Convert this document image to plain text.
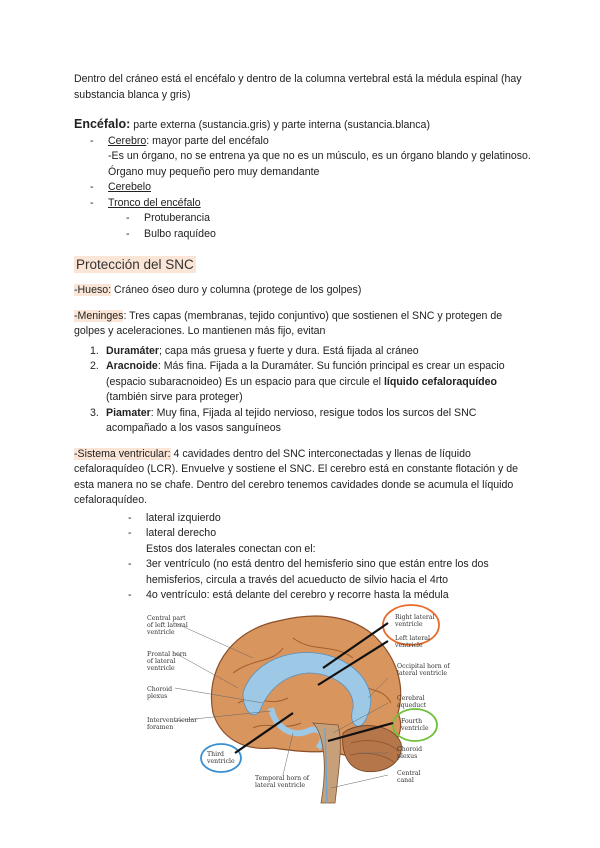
Dentro del cráneo está el encéfalo y dentro de la columna vertebral está la médula espinal (hay substancia blanca y gris)

Encéfalo: parte externa (sustancia.gris) y parte interna (sustancia.blanca)

- Cerebro: mayor parte del encéfalo
-Es un órgano, no se entrena ya que no es un músculo, es un órgano blando y gelatinoso. Órgano muy pequeño pero muy demandante
- Cerebelo
- Tronco del encéfalo
- Protuberancia
- Bulbo raquídeo
Protección del SNC

-Hueso: Cráneo óseo duro y columna (protege de los golpes)

-Meninges: Tres capas (membranas, tejido conjuntivo) que sostienen el SNC y protegen de golpes y aceleraciones. Lo mantienen más fijo, evitan

1. Duramáter; capa más gruesa y fuerte y dura. Está fijada al cráneo
2. Aracnoide: Más fina. Fijada a la Duramáter. Su función principal es crear un espacio (espacio subaracnoideo) Es un espacio para que circule el líquido cefaloraquídeo (también sirve para proteger)
3. Piamater: Muy fina, Fijada al tejido nervioso, resigue todos los surcos del SNC acompañado a los vasos sanguíneos

-Sistema ventricular: 4 cavidades dentro del SNC interconectadas y llenas de líquido cefaloraquídeo (LCR). Envuelve y sostiene el SNC. El cerebro está en constante flotación y de esta manera no se chafe. Dentro del cerebro tenemos cavidades donde se acumula el líquido cefaloraquídeo.

- lateral izquierdo
- lateral derecho
Estos dos laterales conectan con el:
- 3er ventrículo (no está dentro del hemisferio sino que están entre los dos hemisferios, circula a través del acueducto de silvio hacia el 4rto
- 4o ventrículo: está delante del cerebro y recorre hasta la médula
Central part of left lateral ventricle
Frontal horn of lateral ventricle
Choroid plexus
Interventricular foramen
Third ventricle
Temporal horn of lateral ventricle
Right lateral ventricle
Left lateral ventricle
Occipital horn of lateral ventricle
Cerebral aqueduct
Fourth ventricle
Choroid plexus
Central canal
